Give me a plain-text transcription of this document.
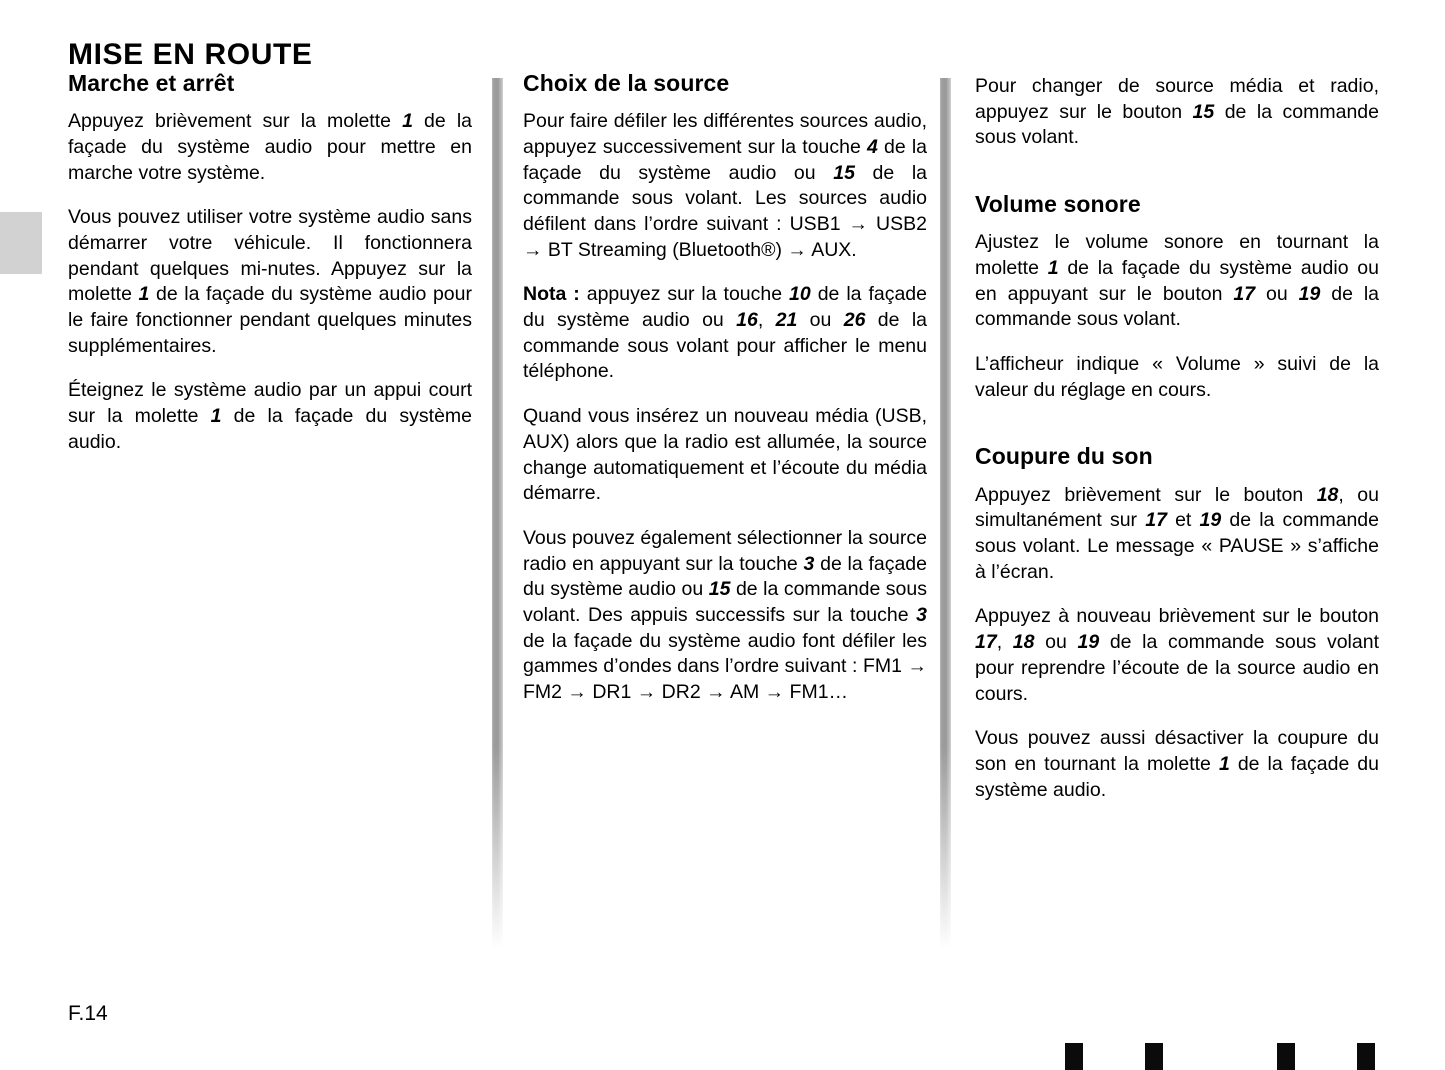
MISE EN ROUTE
Marche et arrêt

Appuyez brièvement sur la molette 1 de la façade du système audio pour mettre en marche votre système.

Vous pouvez utiliser votre système audio sans démarrer votre véhicule. Il fonctionnera pendant quelques mi-nutes. Appuyez sur la molette 1 de la façade du système audio pour le faire fonctionner pendant quelques minutes supplémentaires.

Éteignez le système audio par un appui court sur la molette 1 de la façade du système audio.

Choix de la source

Pour faire défiler les différentes sources audio, appuyez successivement sur la touche 4 de la façade du système audio ou 15 de la commande sous volant. Les sources audio défilent dans l’ordre suivant : USB1 → USB2 → BT Streaming (Bluetooth®) → AUX.

Nota : appuyez sur la touche 10 de la façade du système audio ou 16, 21 ou 26 de la commande sous volant pour afficher le menu téléphone.

Quand vous insérez un nouveau média (USB, AUX) alors que la radio est allumée, la source change automatiquement et l’écoute du média démarre.

Vous pouvez également sélectionner la source radio en appuyant sur la touche 3 de la façade du système audio ou 15 de la commande sous volant. Des appuis successifs sur la touche 3 de la façade du système audio font défiler les gammes d’ondes dans l’ordre suivant : FM1 → FM2 → DR1 → DR2 → AM → FM1…

Pour changer de source média et radio, appuyez sur le bouton 15 de la commande sous volant.

Volume sonore

Ajustez le volume sonore en tournant la molette 1 de la façade du système audio ou en appuyant sur le bouton 17 ou 19 de la commande sous volant.

L’afficheur indique « Volume » suivi de la valeur du réglage en cours.

Coupure du son

Appuyez brièvement sur le bouton 18, ou simultanément sur 17 et 19 de la commande sous volant. Le message « PAUSE » s’affiche à l’écran.

Appuyez à nouveau brièvement sur le bouton 17, 18 ou 19 de la commande sous volant pour reprendre l’écoute de la source audio en cours.

Vous pouvez aussi désactiver la coupure du son en tournant la molette 1 de la façade du système audio.

F.14
